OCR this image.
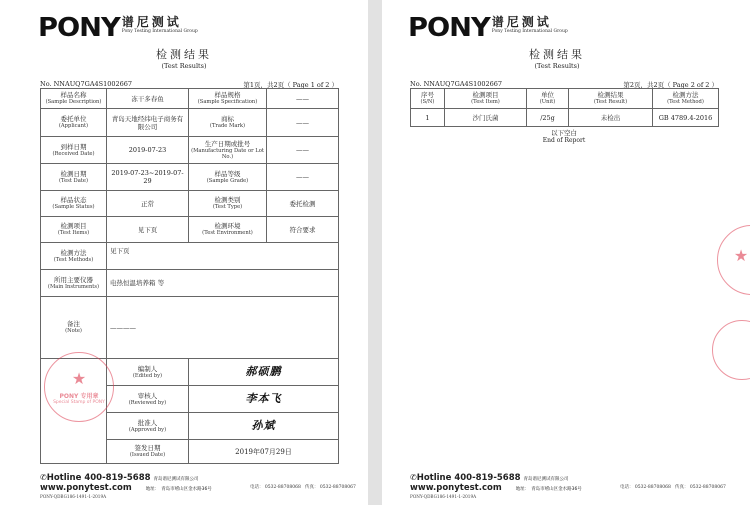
PONY 谱尼测试
Pony Testing International Group
检测结果
(Test Results)
No. NNAUQ7GA4S1002667	第1页，共2页（ Page 1 of 2 ）
样品名称
(Sample Description)	冻干多春鱼	样品规格
(Sample Specification)	——

委托单位
(Applicant)	青岛天地经纬电子商务有限公司	商标
(Trade Mark)	——

到样日期
(Received Date)	2019-07-23	生产日期或批号
(Manufacturing Date or Lot No.)	——

检测日期
(Test Date)	2019-07-23~2019-07-29	样品等级
(Sample Grade)	——

样品状态
(Sample Status)	正常	检测类别
(Test Type)	委托检测

检测项目
(Test Items)	见下页	检测环境
(Test Environment)	符合要求

检测方法
(Test Methods)	见下页		

所用主要仪器
(Main Instruments)	电热恒温培养箱 等		

备注
(Note)	————		

	编制人
(Edited by)	郝硕鹏	

	审核人
(Reviewed by)	李本飞	

	批准人
(Approved by)	孙斌	

	签发日期
(Issued Date)	2019年07月29日	
★
PONY 专用章
Special Stamp of PONY
✆Hotline 400-819-5688 青岛谱尼测试有限公司
www.ponytest.com	地址： 青岛市崂山区金水路36号
PONY-QDBG186-1491-1-2019A
电话： 0532-88708068 传真： 0532-88708067
PONY 谱尼测试
Pony Testing International Group
检测结果
(Test Results)
No. NNAUQ7GA4S1002667	第2页，共2页（ Page 2 of 2 ）
序号
(S/N)	检测项目
(Test Item)	单位
(Unit)	检测结果
(Test Result)	检测方法
(Test Method)

1	沙门氏菌	/25g	未检出	GB 4789.4-2016
以下空白
End of Report
★
✆Hotline 400-819-5688 青岛谱尼测试有限公司
www.ponytest.com	地址： 青岛市崂山区金水路36号
PONY-QDBG186-1491-1-2019A
电话： 0532-88708068 传真： 0532-88708067
